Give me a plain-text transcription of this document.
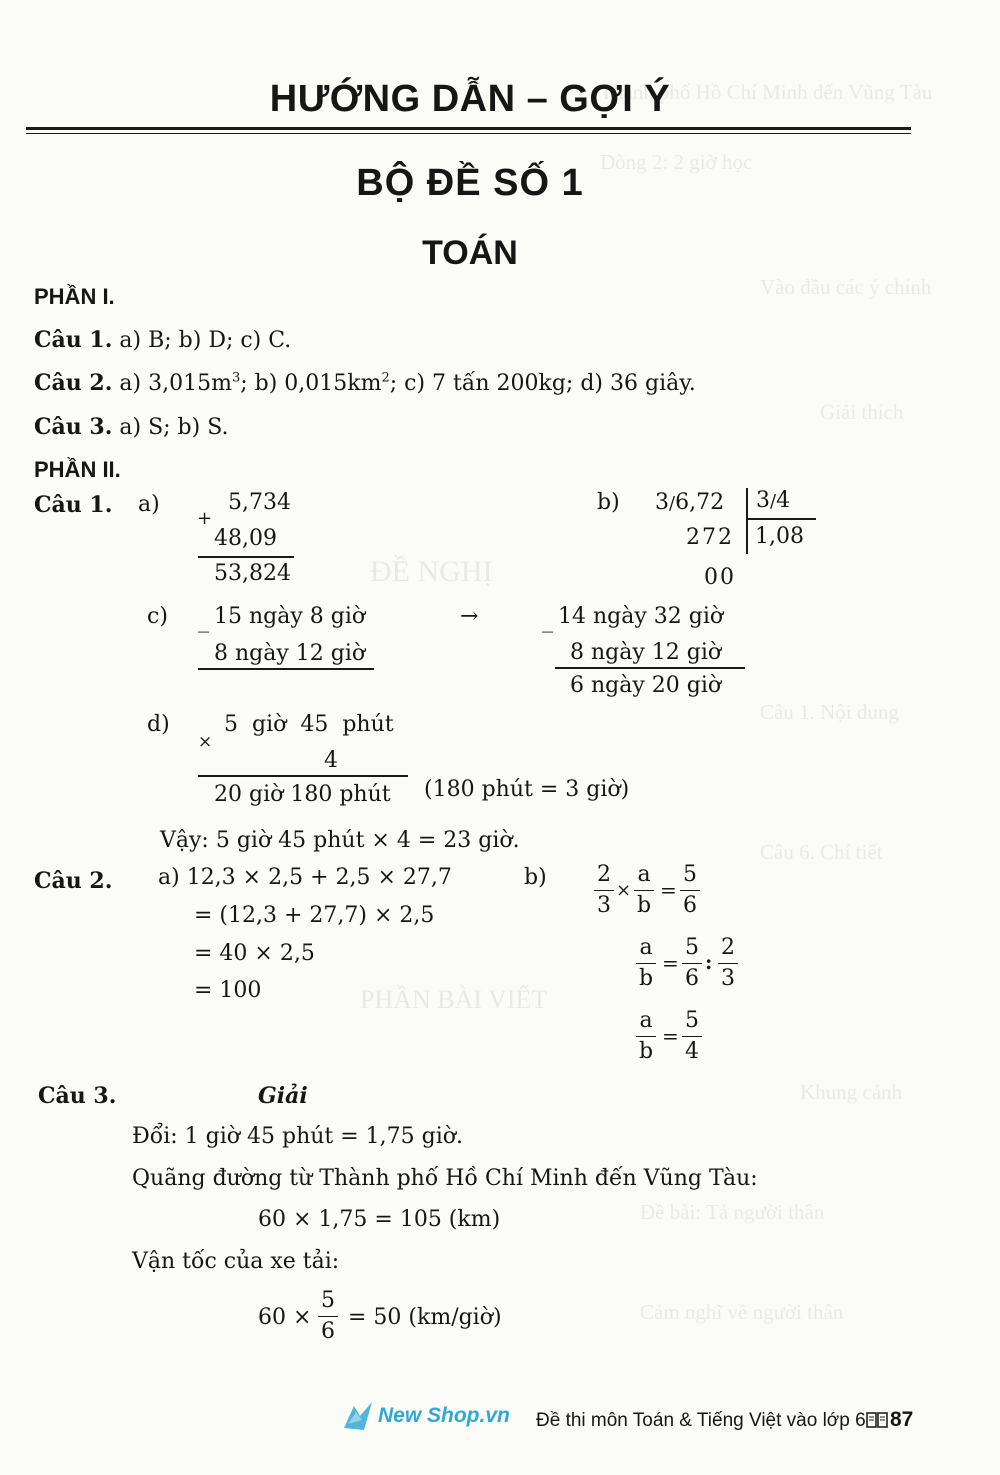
Thành phố Hồ Chí Minh đến Vũng Tàu
Dòng 2: 2 giờ học
Vào đầu các ý chính
Giải thích
ĐỀ NGHỊ
Câu 1. Nội dung
Câu 6. Chí tiết
PHẦN BÀI VIẾT
Khung cảnh
Đề bài: Tả người thân
Cảm nghĩ về người thân
HƯỚNG DẪN – GỢI Ý
BỘ ĐỀ SỐ 1
TOÁN
PHẦN I.
Câu 1. a) B; b) D; c) C.
Câu 2. a) $3,015m^3$; b) $0,015km^2$; c) 7 tấn 200kg; d) 36 giây.
Câu 3. a) S; b) S.
PHẦN II.
Câu 1. a)
+
5,734
48,09
53,824
b) 3/6,72 3/4
272 1,08
00
c) _ 15 ngày 8 giờ
8 ngày 12 giờ
→	_ 14 ngày 32 giờ
8 ngày 12 giờ
6 ngày 20 giờ
d)
×
5  giờ  45  phút
4
20 giờ 180 phút (180 phút = 3 giờ)
Vậy: 5 giờ 45 phút × 4 = 23 giờ.
Câu 2. a) 12,3 × 2,5 + 2,5 × 27,7
= (12,3 + 27,7) × 2,5
= 40 × 2,5
= 100
b) 2
3
×
a
b
=
5
6
a
b
=
5
6
:
2
3
a
b
=
5
4
Câu 3.	Giải
Đổi: 1 giờ 45 phút = 1,75 giờ.
Quãng đường từ Thành phố Hồ Chí Minh đến Vũng Tàu:
60 × 1,75 = 105 (km)
Vận tốc của xe tải:
60 ×
5
6
= 50 (km/giờ)
Đề thi môn Toán & Tiếng Việt vào lớp 6 87
New Shop.vn
